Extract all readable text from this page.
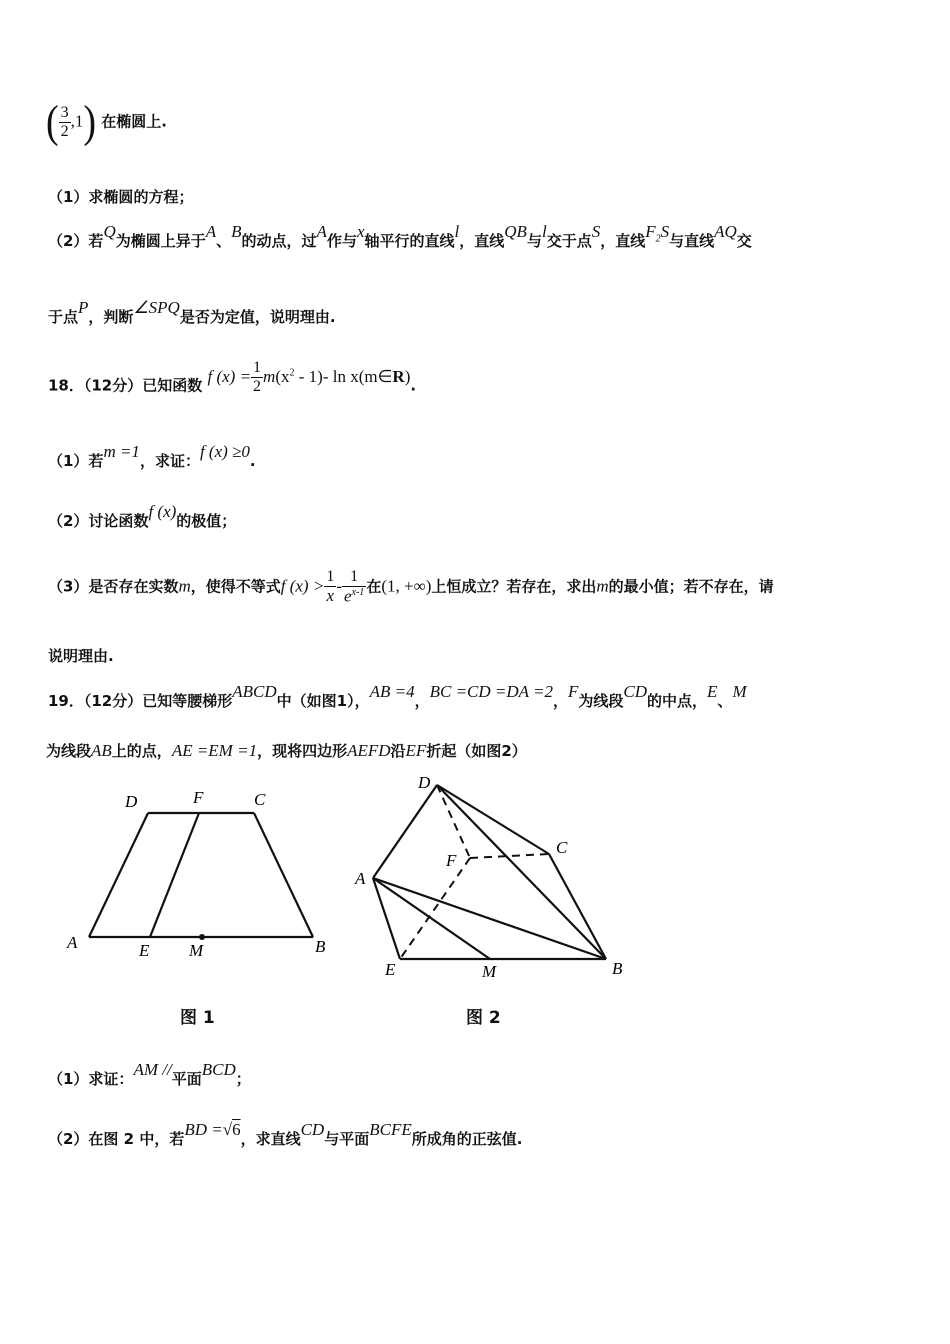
( $\frac{3}{2} ,1$) 在椭圆上.
（1）求椭圆的方程；
（2）若Q为椭圆上异于A、B的动点，过A作与x轴平行的直线l，直线QB与l交于点S，直线$F_2S$与直线AQ交
于点P，判断∠SPQ是否为定值，说明理由.
18．（12分）已知函数 f $(x) = \frac{1}{2} m(x^2 - 1)-$ ln x(m∈R).
（1）若m =1，求证：f (x) ≥0.
（2）讨论函数f (x)的极值；
（3）是否存在实数m，使得不等式f $(x) > \frac{1}{x} - \frac{1}{e^{x-1}}$ 在(1, +∞)上恒成立？若存在，求出m的最小值；若不存在，请
说明理由.
19．（12分）已知等腰梯形ABCD中（如图1），AB =4，BC =CD =DA =2，F为线段CD的中点，E、M
为线段AB上的点，AE =EM =1，现将四边形AEFD沿EF折起（如图2）
D	F	C
A	E M	B
D
C
F
A
E	M	B
图 1	图 2
（1）求证：AM //平面BCD；
（2）在图 2 中，若BD =√6，求直线CD与平面BCFE所成角的正弦值.
